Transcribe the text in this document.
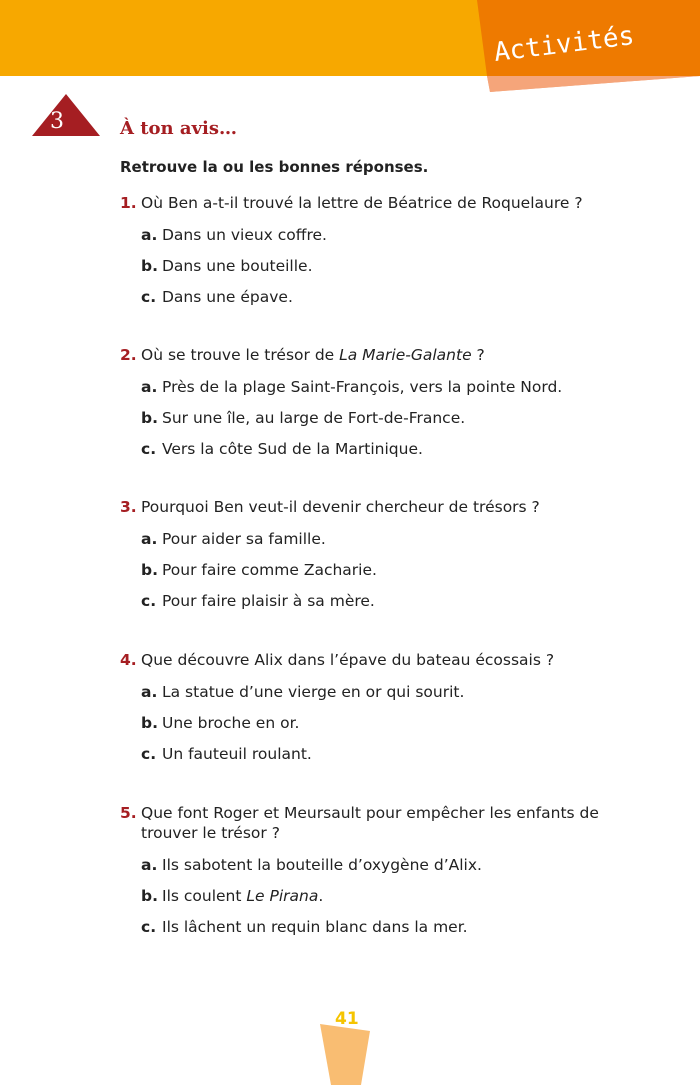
Activités
3	À ton avis…
Retrouve la ou les bonnes réponses.
1. Où Ben a-t-il trouvé la lettre de Béatrice de Roquelaure ?
a. Dans un vieux coffre.
b. Dans une bouteille.
c. Dans une épave.
2. Où se trouve le trésor de La Marie-Galante ?
a. Près de la plage Saint-François, vers la pointe Nord.
b. Sur une île, au large de Fort-de-France.
c. Vers la côte Sud de la Martinique.
3. Pourquoi Ben veut-il devenir chercheur de trésors ?
a. Pour aider sa famille.
b. Pour faire comme Zacharie.
c. Pour faire plaisir à sa mère.
4. Que découvre Alix dans l’épave du bateau écossais ?
a. La statue d’une vierge en or qui sourit.
b. Une broche en or.
c. Un fauteuil roulant.
5. Que font Roger et Meursault pour empêcher les enfants de trouver le trésor ?
a. Ils sabotent la bouteille d’oxygène d’Alix.
b. Ils coulent Le Pirana.
c. Ils lâchent un requin blanc dans la mer.
41
